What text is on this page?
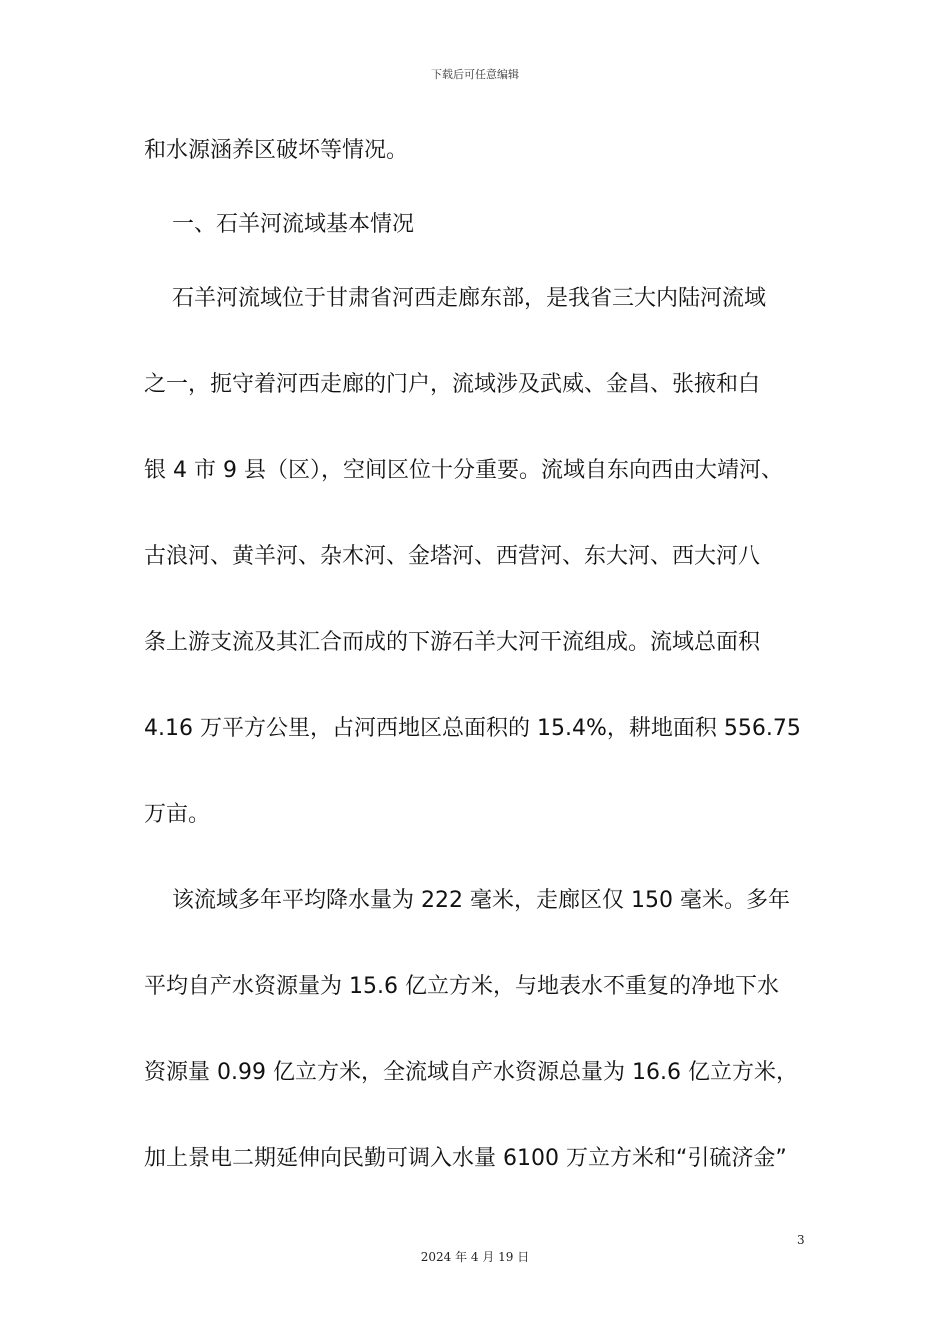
下载后可任意编辑
和水源涵养区破坏等情况。
一、石羊河流域基本情况
石羊河流域位于甘肃省河西走廊东部，是我省三大内陆河流域
之一，扼守着河西走廊的门户，流域涉及武威、金昌、张掖和白
银 4 市 9 县（区），空间区位十分重要。流域自东向西由大靖河、
古浪河、黄羊河、杂木河、金塔河、西营河、东大河、西大河八
条上游支流及其汇合而成的下游石羊大河干流组成。流域总面积
4.16 万平方公里，占河西地区总面积的 15.4%，耕地面积 556.75
万亩。
该流域多年平均降水量为 222 毫米，走廊区仅 150 毫米。多年
平均自产水资源量为 15.6 亿立方米，与地表水不重复的净地下水
资源量 0.99 亿立方米，全流域自产水资源总量为 16.6 亿立方米，
加上景电二期延伸向民勤可调入水量 6100 万立方米和“引硫济金”
3
2024 年 4 月 19 日
